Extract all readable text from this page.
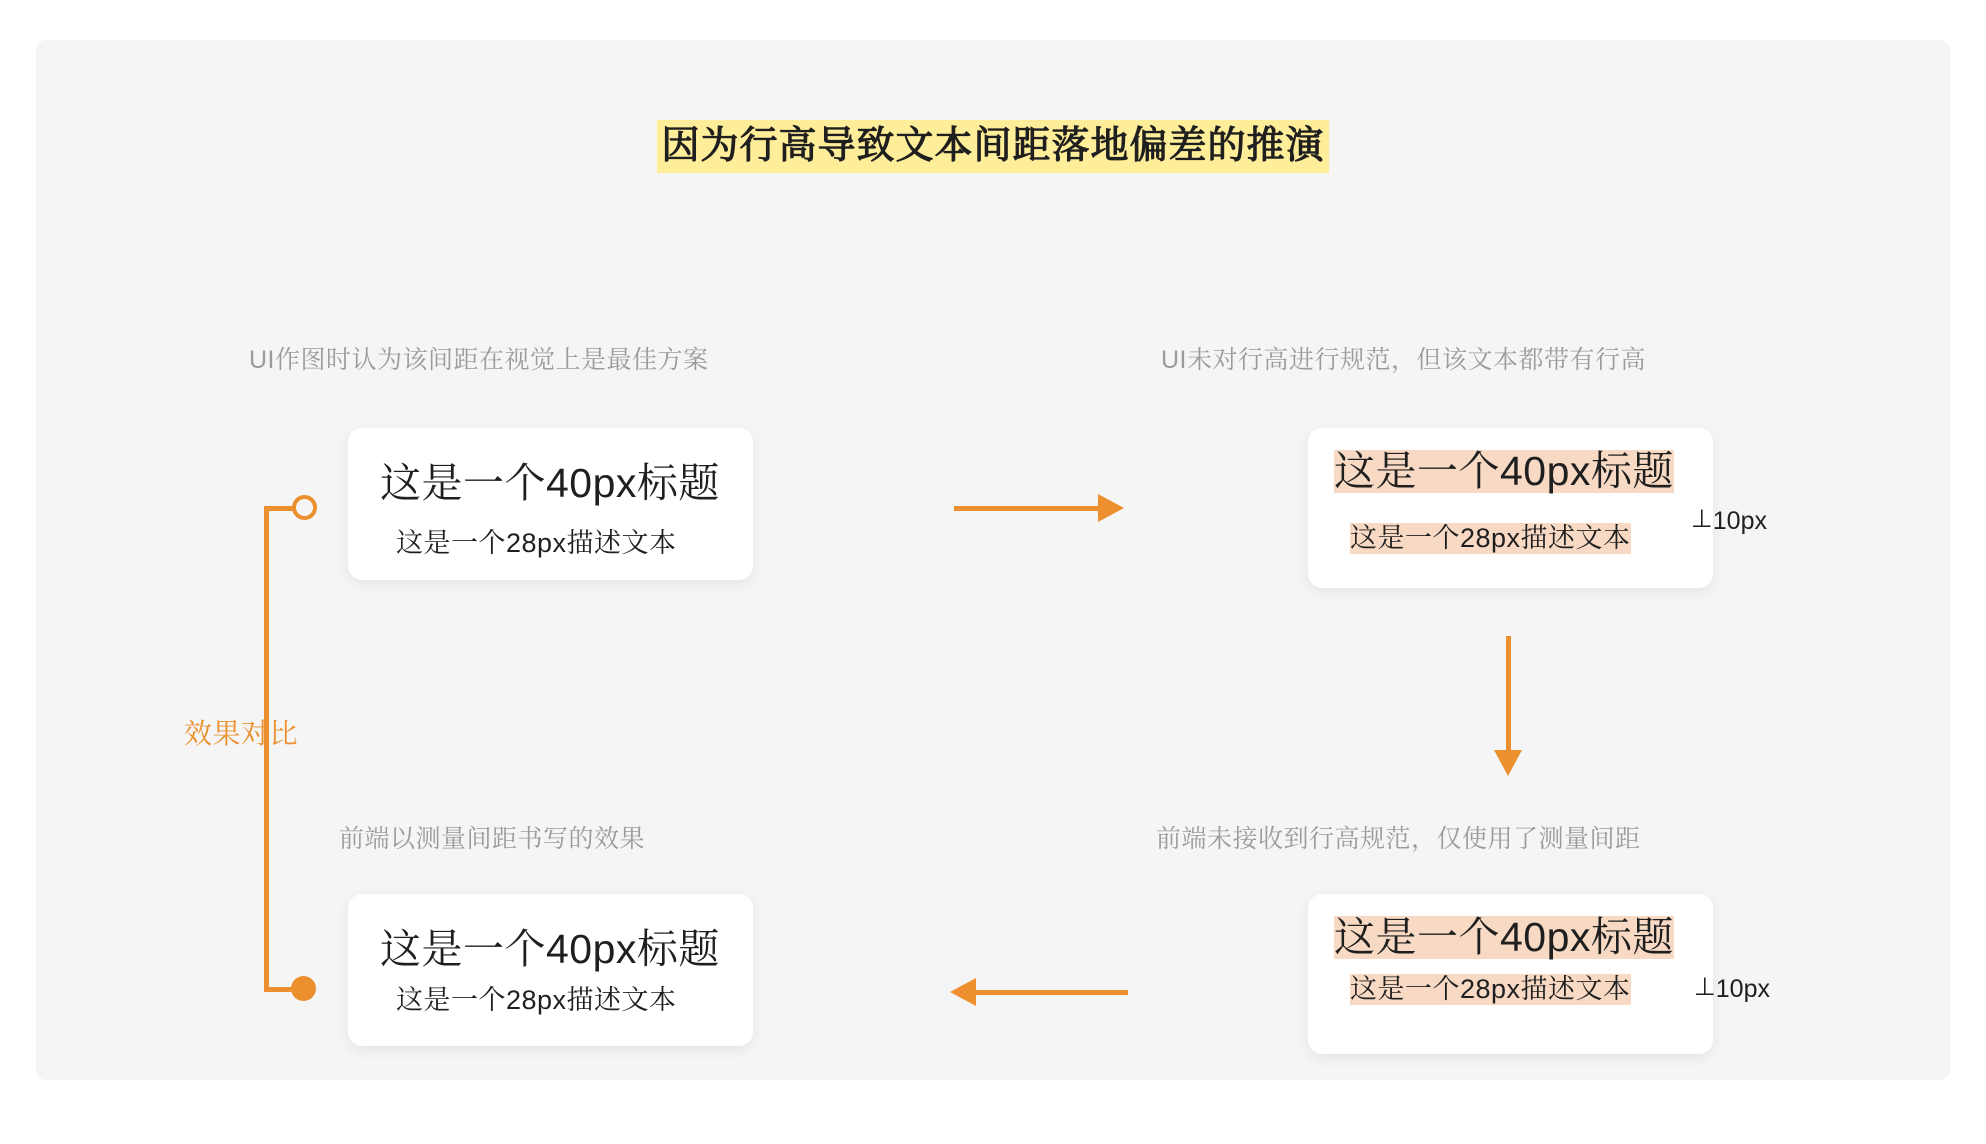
因为行高导致文本间距落地偏差的推演
UI作图时认为该间距在视觉上是最佳方案	UI未对行高进行规范，但该文本都带有行高
前端以测量间距书写的效果	前端未接收到行高规范，仅使用了测量间距
这是一个40px标题
这是一个28px描述文本
这是一个40px标题
这是一个28px描述文本
这是一个40px标题
这是一个28px描述文本
这是一个40px标题
这是一个28px描述文本
⊥10px
⊥10px
效果对比
